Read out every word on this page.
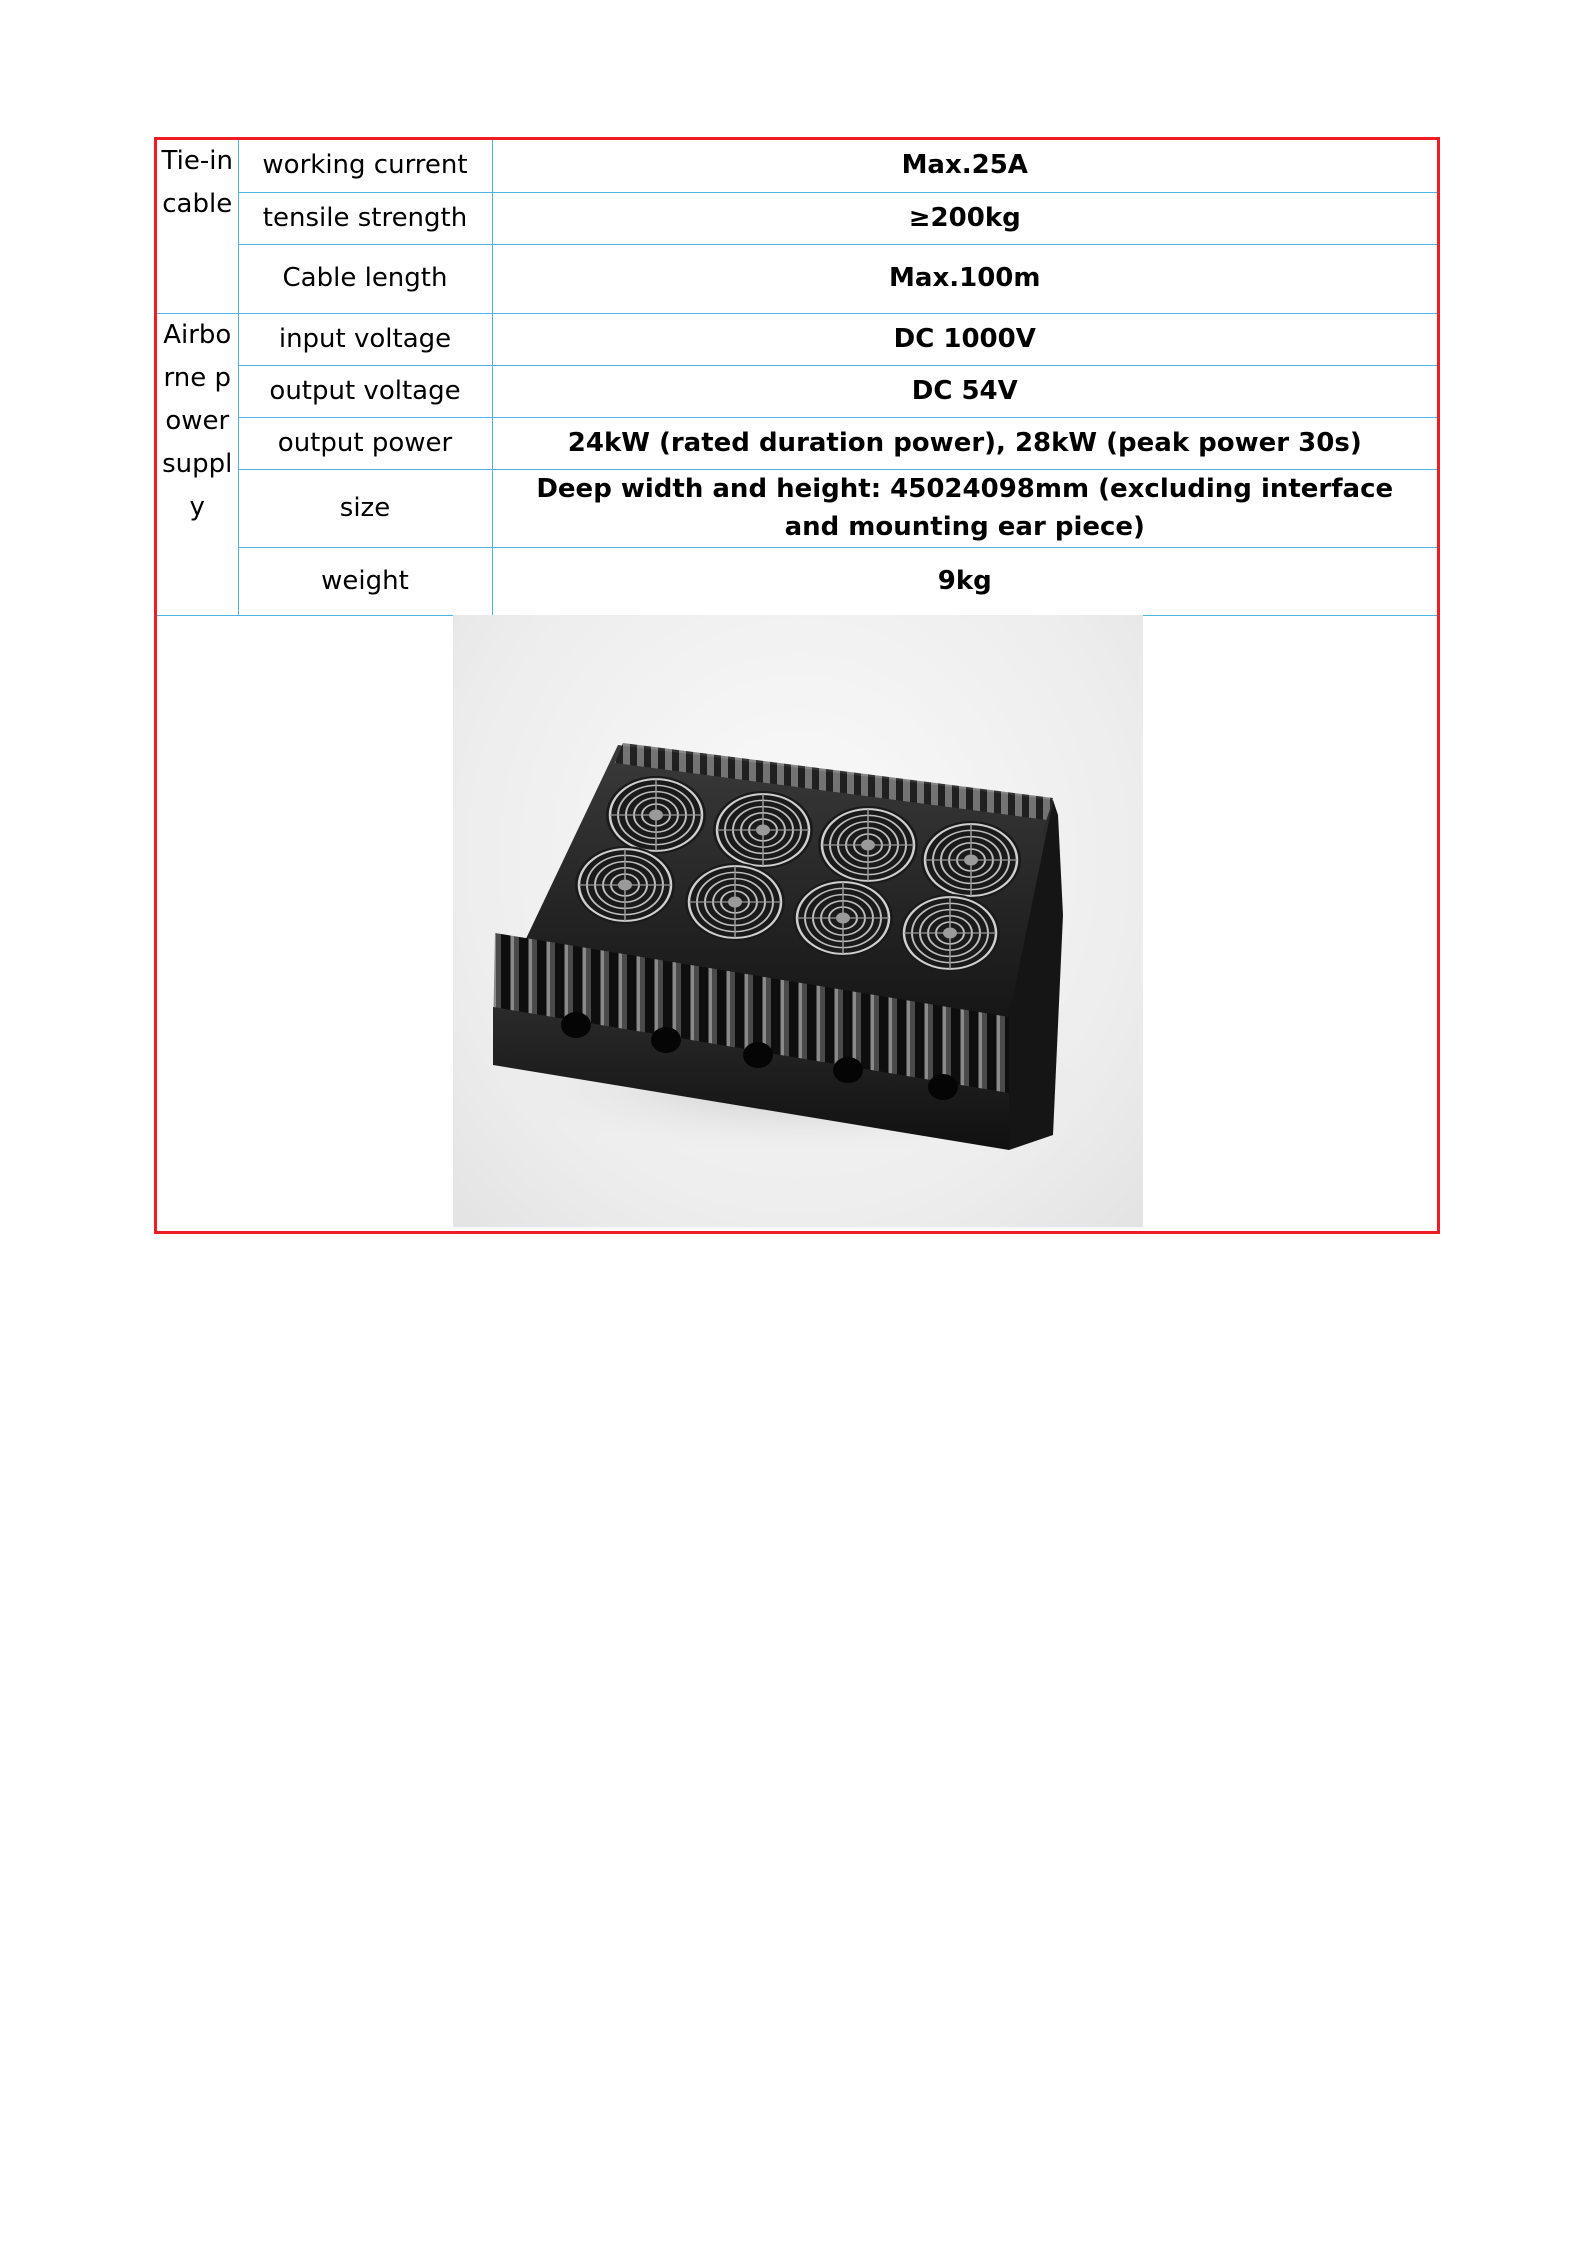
Tie-in cable	working current	Max.25A
	tensile strength	≥200kg
	Cable length	Max.100m
Airborne power supply	input voltage	DC 1000V
	output voltage	DC 54V
	output power	24kW (rated duration power), 28kW (peak power 30s)
	size	Deep width and height: 45024098mm (excluding interface and mounting ear piece)
	weight	9kg
